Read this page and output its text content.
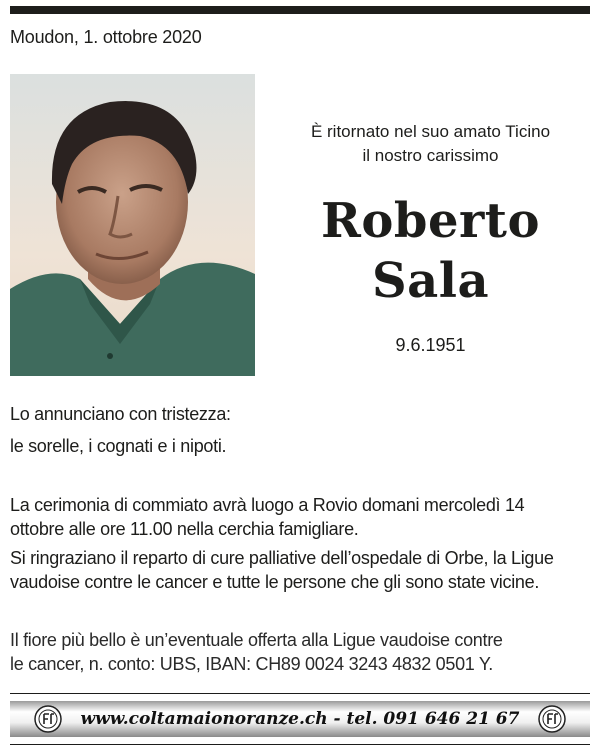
Moudon, 1. ottobre 2020
È ritornato nel suo amato Ticino
il nostro carissimo
Roberto
Sala
9.6.1951
Lo annunciano con tristezza:
le sorelle, i cognati e i nipoti.
La cerimonia di commiato avrà luogo a Rovio domani mercoledì 14
ottobre alle ore 11.00 nella cerchia famigliare.
Si ringraziano il reparto di cure palliative dell’ospedale di Orbe, la Ligue
vaudoise contre le cancer e tutte le persone che gli sono state vicine.
Il fiore più bello è un’eventuale offerta alla Ligue vaudoise contre
le cancer, n. conto: UBS, IBAN: CH89 0024 3243 4832 0501 Y.
www.coltamaionoranze.ch - tel. 091 646 21 67
